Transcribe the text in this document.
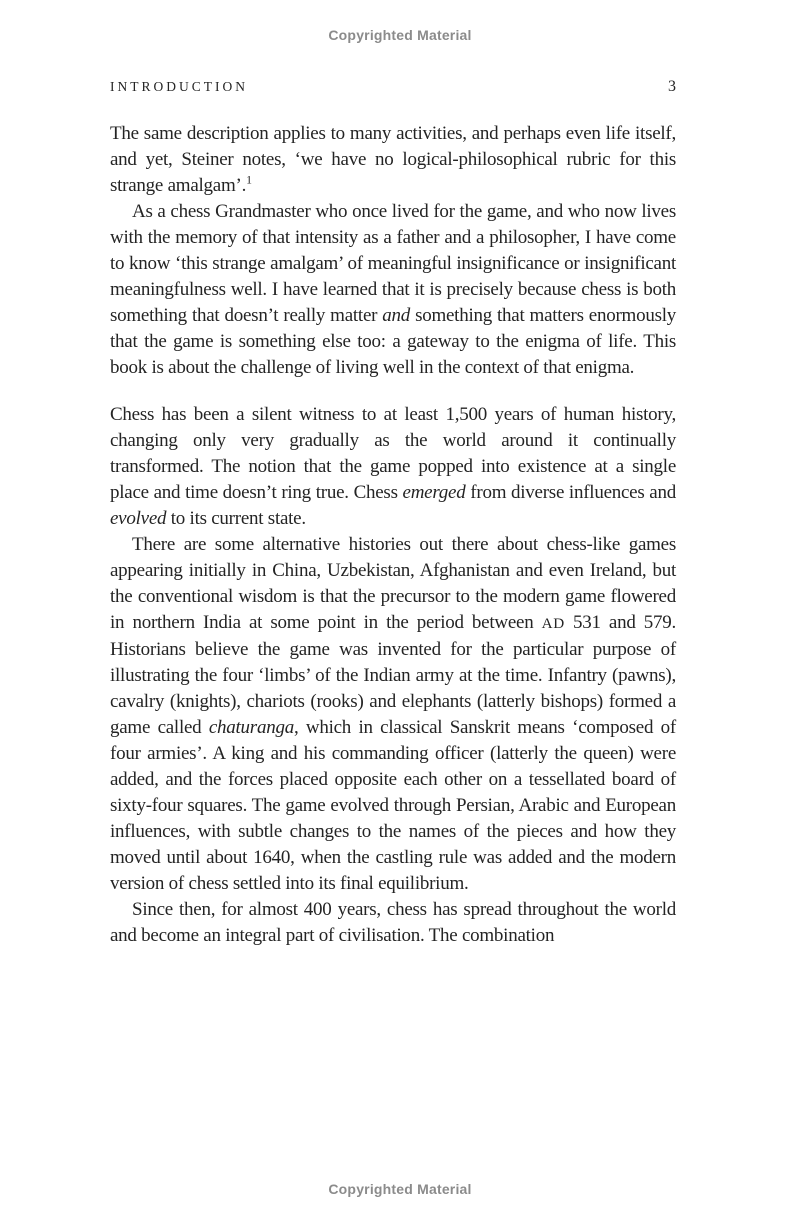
Copyrighted Material
INTRODUCTION	3

The same description applies to many activities, and perhaps even life itself, and yet, Steiner notes, ‘we have no logical-philosophical rubric for this strange amalgam’.$^1$

As a chess Grandmaster who once lived for the game, and who now lives with the memory of that intensity as a father and a philosopher, I have come to know ‘this strange amalgam’ of meaningful insignificance or insignificant meaningfulness well. I have learned that it is precisely because chess is both something that doesn’t really matter and something that matters enormously that the game is something else too: a gateway to the enigma of life. This book is about the challenge of living well in the context of that enigma.

Chess has been a silent witness to at least 1,500 years of human history, changing only very gradually as the world around it continually transformed. The notion that the game popped into existence at a single place and time doesn’t ring true. Chess emerged from diverse influences and evolved to its current state.

There are some alternative histories out there about chess-like games appearing initially in China, Uzbekistan, Afghanistan and even Ireland, but the conventional wisdom is that the precursor to the modern game flowered in northern India at some point in the period between AD 531 and 579. Historians believe the game was invented for the particular purpose of illustrating the four ‘limbs’ of the Indian army at the time. Infantry (pawns), cavalry (knights), chariots (rooks) and elephants (latterly bishops) formed a game called chaturanga, which in classical Sanskrit means ‘composed of four armies’. A king and his commanding officer (latterly the queen) were added, and the forces placed opposite each other on a tessellated board of sixty-four squares. The game evolved through Persian, Arabic and European influences, with subtle changes to the names of the pieces and how they moved until about 1640, when the castling rule was added and the modern version of chess settled into its final equilibrium.

Since then, for almost 400 years, chess has spread throughout the world and become an integral part of civilisation. The combination

Copyrighted Material
